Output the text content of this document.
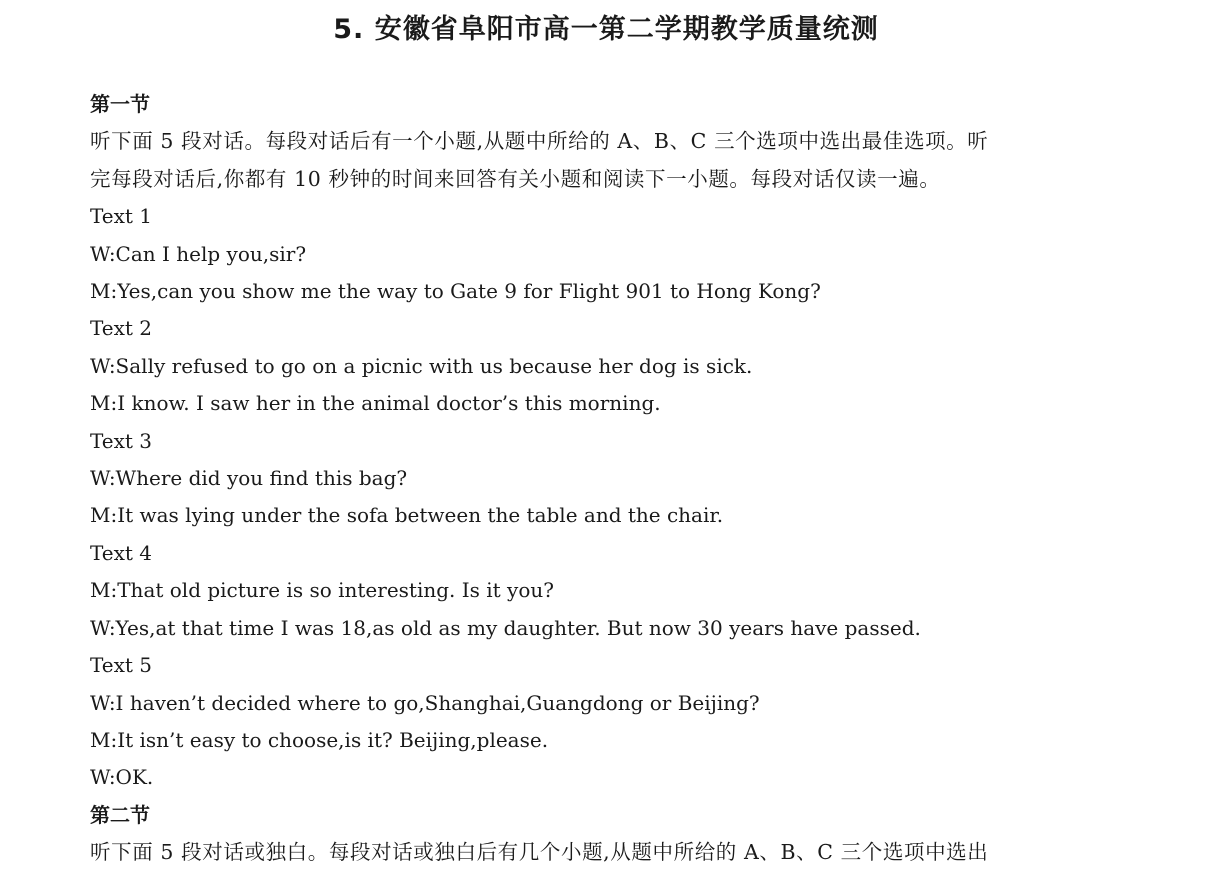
5. 安徽省阜阳市高一第二学期教学质量统测
第一节
听下面 5 段对话。每段对话后有一个小题,从题中所给的 A、B、C 三个选项中选出最佳选项。听
完每段对话后,你都有 10 秒钟的时间来回答有关小题和阅读下一小题。每段对话仅读一遍。
Text 1
W:Can I help you,sir?
M:Yes,can you show me the way to Gate 9 for Flight 901 to Hong Kong?
Text 2
W:Sally refused to go on a picnic with us because her dog is sick.
M:I know. I saw her in the animal doctor’s this morning.
Text 3
W:Where did you find this bag?
M:It was lying under the sofa between the table and the chair.
Text 4
M:That old picture is so interesting. Is it you?
W:Yes,at that time I was 18,as old as my daughter. But now 30 years have passed.
Text 5
W:I haven’t decided where to go,Shanghai,Guangdong or Beijing?
M:It isn’t easy to choose,is it? Beijing,please.
W:OK.
第二节
听下面 5 段对话或独白。每段对话或独白后有几个小题,从题中所给的 A、B、C 三个选项中选出
